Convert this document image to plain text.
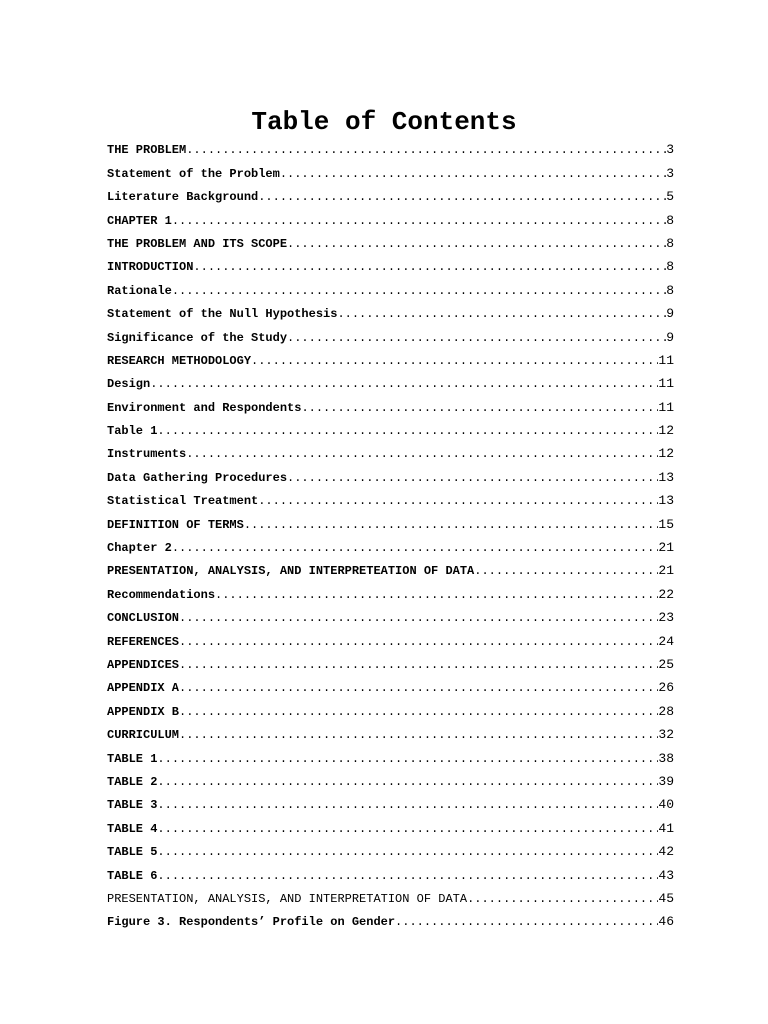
Table of Contents
THE PROBLEM .....	3
Statement of the Problem .....	3
Literature Background .....	5
CHAPTER 1 .....	8
THE PROBLEM AND ITS SCOPE .....	8
INTRODUCTION .....	8
Rationale .....	8
Statement of the Null Hypothesis .....	9
Significance of the Study .....	9
RESEARCH METHODOLOGY .....	11
Design .....	11
Environment and Respondents .....	11
Table 1 .....	12
Instruments .....	12
Data Gathering Procedures .....	13
Statistical Treatment .....	13
DEFINITION OF TERMS .....	15
Chapter 2 .....	21
PRESENTATION, ANALYSIS, AND INTERPRETEATION OF DATA .....	21
Recommendations .....	22
CONCLUSION .....	23
REFERENCES .....	24
APPENDICES .....	25
APPENDIX A .....	26
APPENDIX B .....	28
CURRICULUM .....	32
TABLE 1 .....	38
TABLE 2 .....	39
TABLE 3 .....	40
TABLE 4 .....	41
TABLE 5 .....	42
TABLE 6 .....	43
PRESENTATION, ANALYSIS, AND INTERPRETATION OF DATA .....	45
Figure 3. Respondents’ Profile on Gender .....	46
